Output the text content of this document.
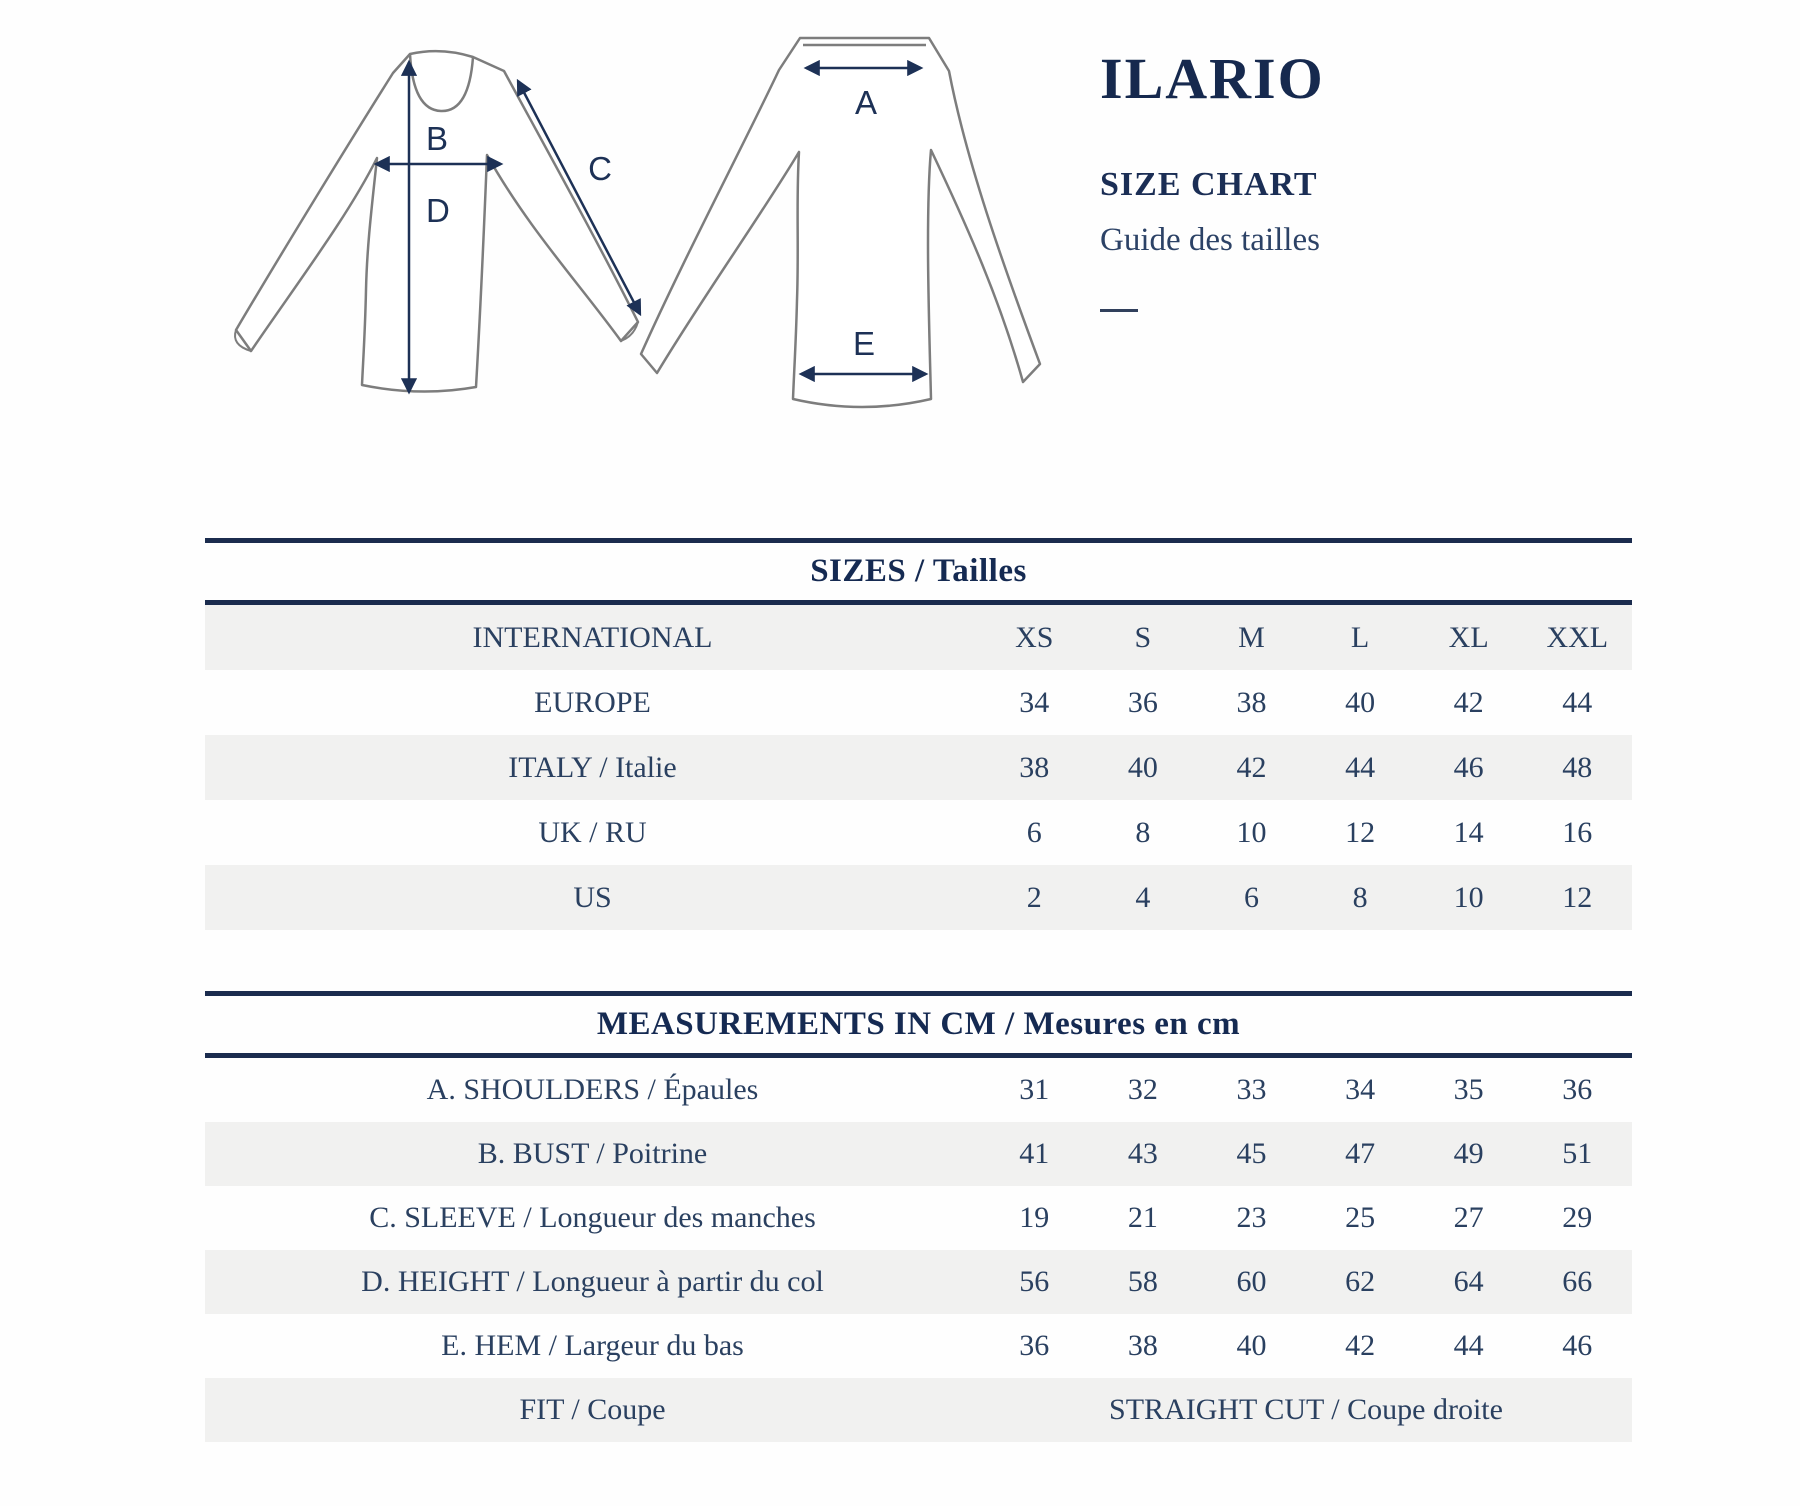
B
D
C
A
E
ILARIO
SIZE CHART

Guide des tailles

SIZES / Tailles
INTERNATIONAL	XS	S	M	L	XL	XXL
EUROPE	34	36	38	40	42	44
ITALY / Italie	38	40	42	44	46	48
UK / RU	6	8	10	12	14	16
US	2	4	6	8	10	12
MEASUREMENTS IN CM / Mesures en cm
A. SHOULDERS / Épaules	31	32	33	34	35	36
B. BUST / Poitrine	41	43	45	47	49	51
C. SLEEVE / Longueur des manches	19	21	23	25	27	29
D. HEIGHT / Longueur à partir du col	56	58	60	62	64	66
E. HEM / Largeur du bas	36	38	40	42	44	46
FIT / Coupe	STRAIGHT CUT / Coupe droite
